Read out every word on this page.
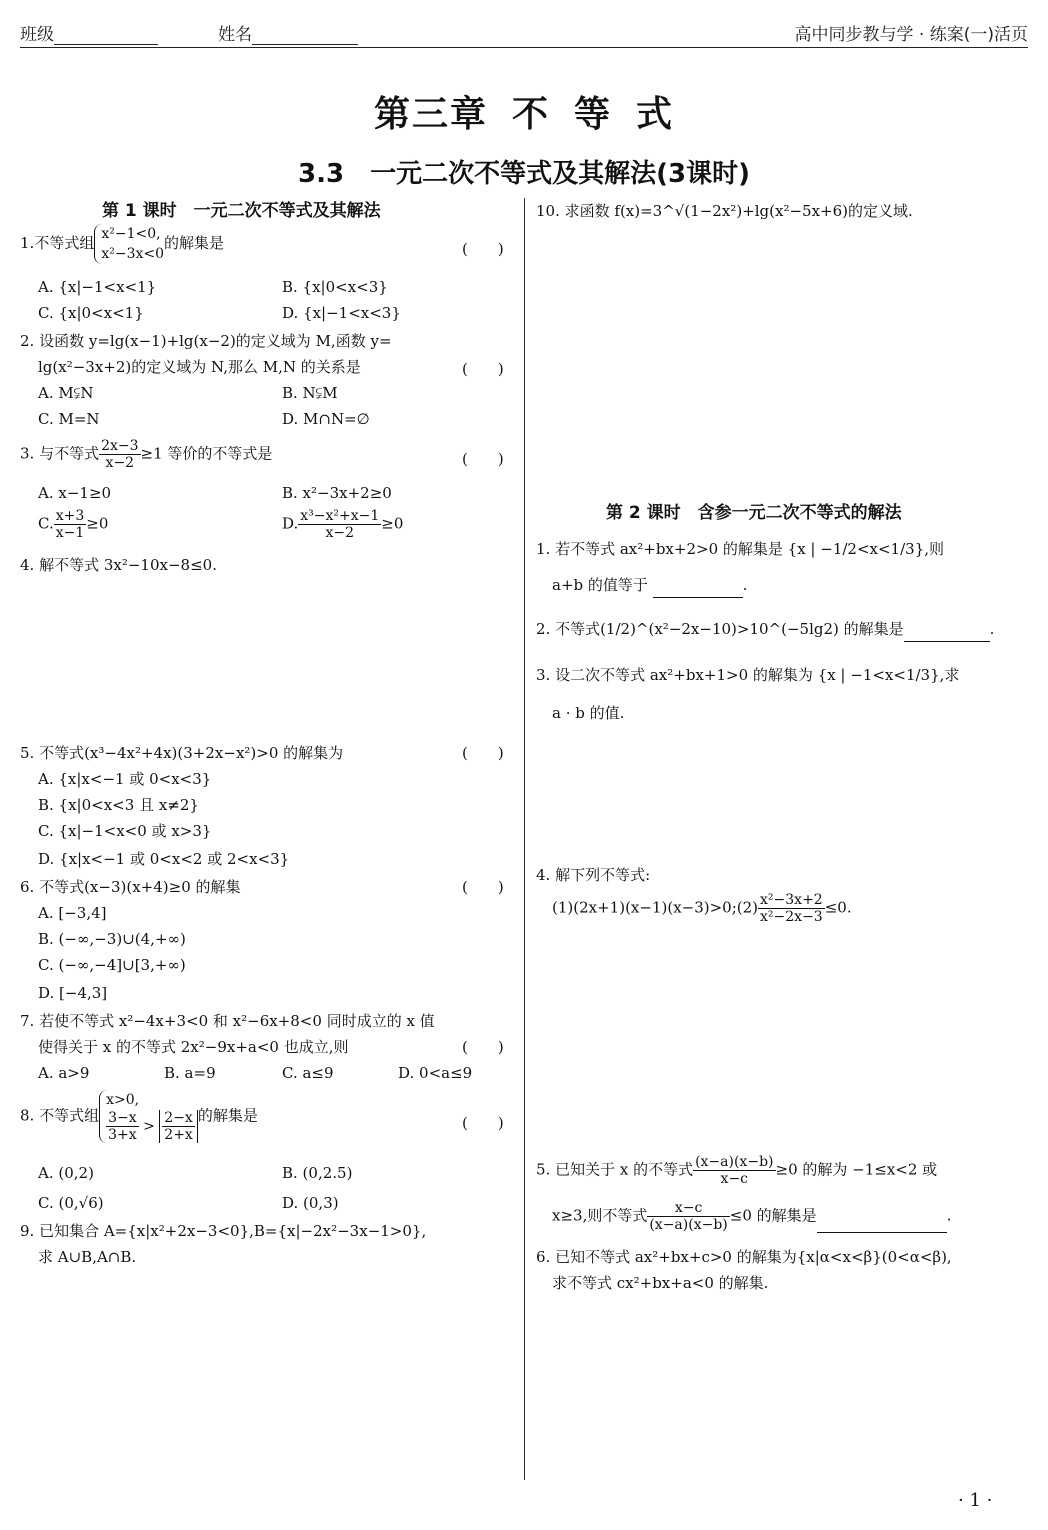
班级	姓名	高中同步教与学 · 练案(一)活页
第三章 不 等 式
3.3　一元二次不等式及其解法(3课时)
第 1 课时　一元二次不等式及其解法
1.不等式组 x²−1<0,
x²−3x<0
的解集是	(　　)
A. {x|−1<x<1}	B. {x|0<x<3}
C. {x|0<x<1}	D. {x|−1<x<3}
2. 设函数 y=lg(x−1)+lg(x−2)的定义域为 M,函数 y=
lg(x²−3x+2)的定义域为 N,那么 M,N 的关系是	(　　)
A. M⫋N	B. N⫋M
C. M=N	D. M∩N=∅
3. 与不等式 $\frac{2x-3}{x-2} \ge 1$ 等价的不等式是	(　　)
A. x−1≥0	B. x²−3x+2≥0
C. $\frac{x+3}{x-1} \ge 0$	D. $\frac{\text{x³−x²+x−1}}{x-2} \ge 0$
4. 解不等式 3x²−10x−8≤0.
5. 不等式(x³−4x²+4x)(3+2x−x²)>0 的解集为	(　　)
A. {x|x<−1 或 0<x<3}
B. {x|0<x<3 且 x≠2}
C. {x|−1<x<0 或 x>3}
D. {x|x<−1 或 0<x<2 或 2<x<3}
6. 不等式(x−3)(x+4)≥0 的解集	(　　)
A. [−3,4]
B. (−∞,−3)∪(4,+∞)
C. (−∞,−4]∪[3,+∞)
D. [−4,3]
7. 若使不等式 x²−4x+3<0 和 x²−6x+8<0 同时成立的 x 值
使得关于 x 的不等式 2x²−9x+a<0 也成立,则	(　　)
A. a>9	B. a=9	C. a≤9	D. 0<a≤9
8. 不等式组
x>0,
$\frac{3-x}{3+x} > \frac{2-x}{2+x}$ 的解集是	(　　)
A. (0,2)	B. (0,2.5)
C. (0,√6)	D. (0,3)
9. 已知集合 A={x|x²+2x−3<0},B={x|−2x²−3x−1>0},
求 A∪B,A∩B.
10. 求函数 f(x)=3^√(1−2x²)+lg(x²−5x+6)的定义域.
第 2 课时　含参一元二次不等式的解法
1. 若不等式 ax²+bx+2>0 的解集是 {x | −1/2<x<1/3},则
a+b 的值等于	.
2. 不等式(1/2)^(x²−2x−10)>10^(−5lg2) 的解集是	.
3. 设二次不等式 ax²+bx+1>0 的解集为 {x | −1<x<1/3},求
a · b 的值.
4. 解下列不等式:
(1)(2x+1)(x−1)(x−3)>0;(2) $\frac{\text{x²−3x+2}}{\text{x²−2x−3}} \le 0$.
5. 已知关于 x 的不等式 $\frac{(x-a)(x-b)}{x-c} \ge 0$ 的解为 −1≤x<2 或
x≥3,则不等式 $\frac{x-c}{(x-a)(x-b)} \le 0$ 的解集是	.
6. 已知不等式 ax²+bx+c>0 的解集为{x|α<x<β}(0<α<β),
求不等式 cx²+bx+a<0 的解集.
· 1 ·
